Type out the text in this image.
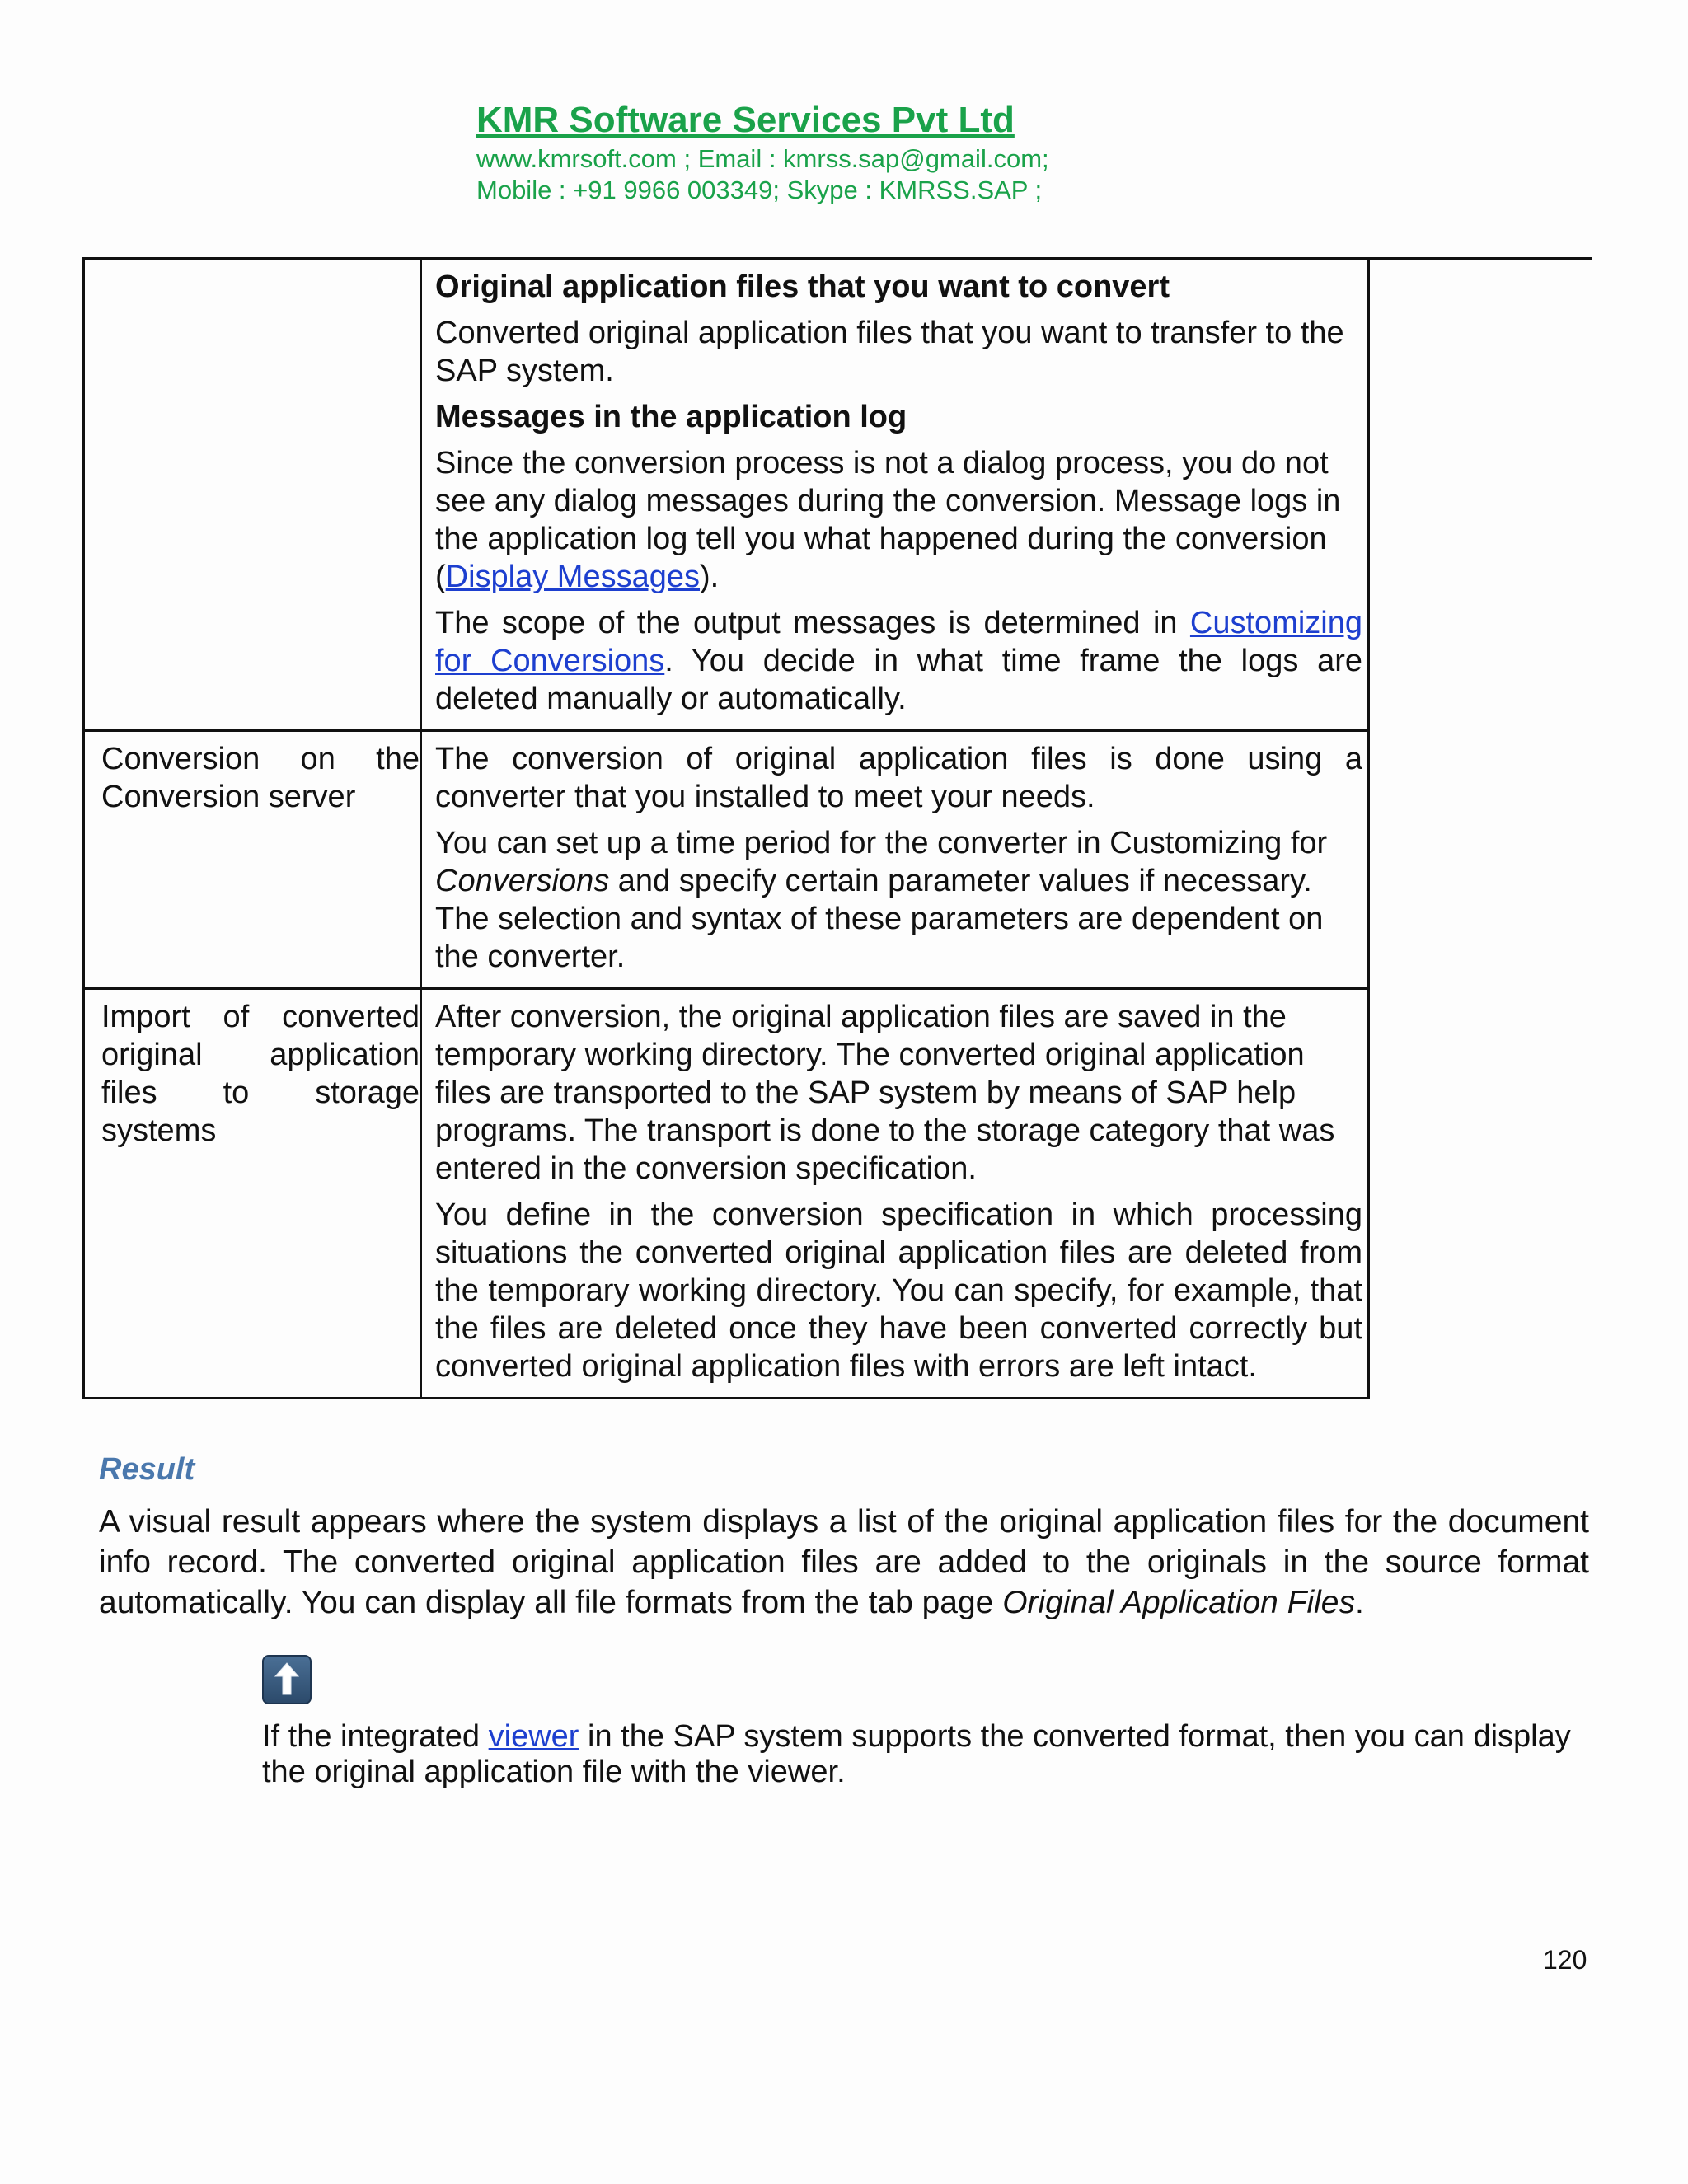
KMR Software Services Pvt Ltd
www.kmrsoft.com ; Email : kmrss.sap@gmail.com;
Mobile : +91 9966 003349; Skype : KMRSS.SAP ;

	Original application files that you want to convert

Converted original application files that you want to transfer to the SAP system.

Messages in the application log

Since the conversion process is not a dialog process, you do not see any dialog messages during the conversion. Message logs in the application log tell you what happened during the conversion (Display Messages).

The scope of the output messages is determined in Customizing for Conversions. You decide in what time frame the logs are deleted manually or automatically.

Conversion on the Conversion server	The conversion of original application files is done using a converter that you installed to meet your needs.

You can set up a time period for the converter in Customizing for Conversions and specify certain parameter values if necessary. The selection and syntax of these parameters are dependent on the converter.

Import of converted original application files to storage systems	After conversion, the original application files are saved in the temporary working directory. The converted original application files are transported to the SAP system by means of SAP help programs. The transport is done to the storage category that was entered in the conversion specification.

You define in the conversion specification in which processing situations the converted original application files are deleted from the temporary working directory. You can specify, for example, that the files are deleted once they have been converted correctly but converted original application files with errors are left intact.

Result

A visual result appears where the system displays a list of the original application files for the document info record. The converted original application files are added to the originals in the source format automatically. You can display all file formats from the tab page Original Application Files.

If the integrated viewer in the SAP system supports the converted format, then you can display the original application file with the viewer.

120
